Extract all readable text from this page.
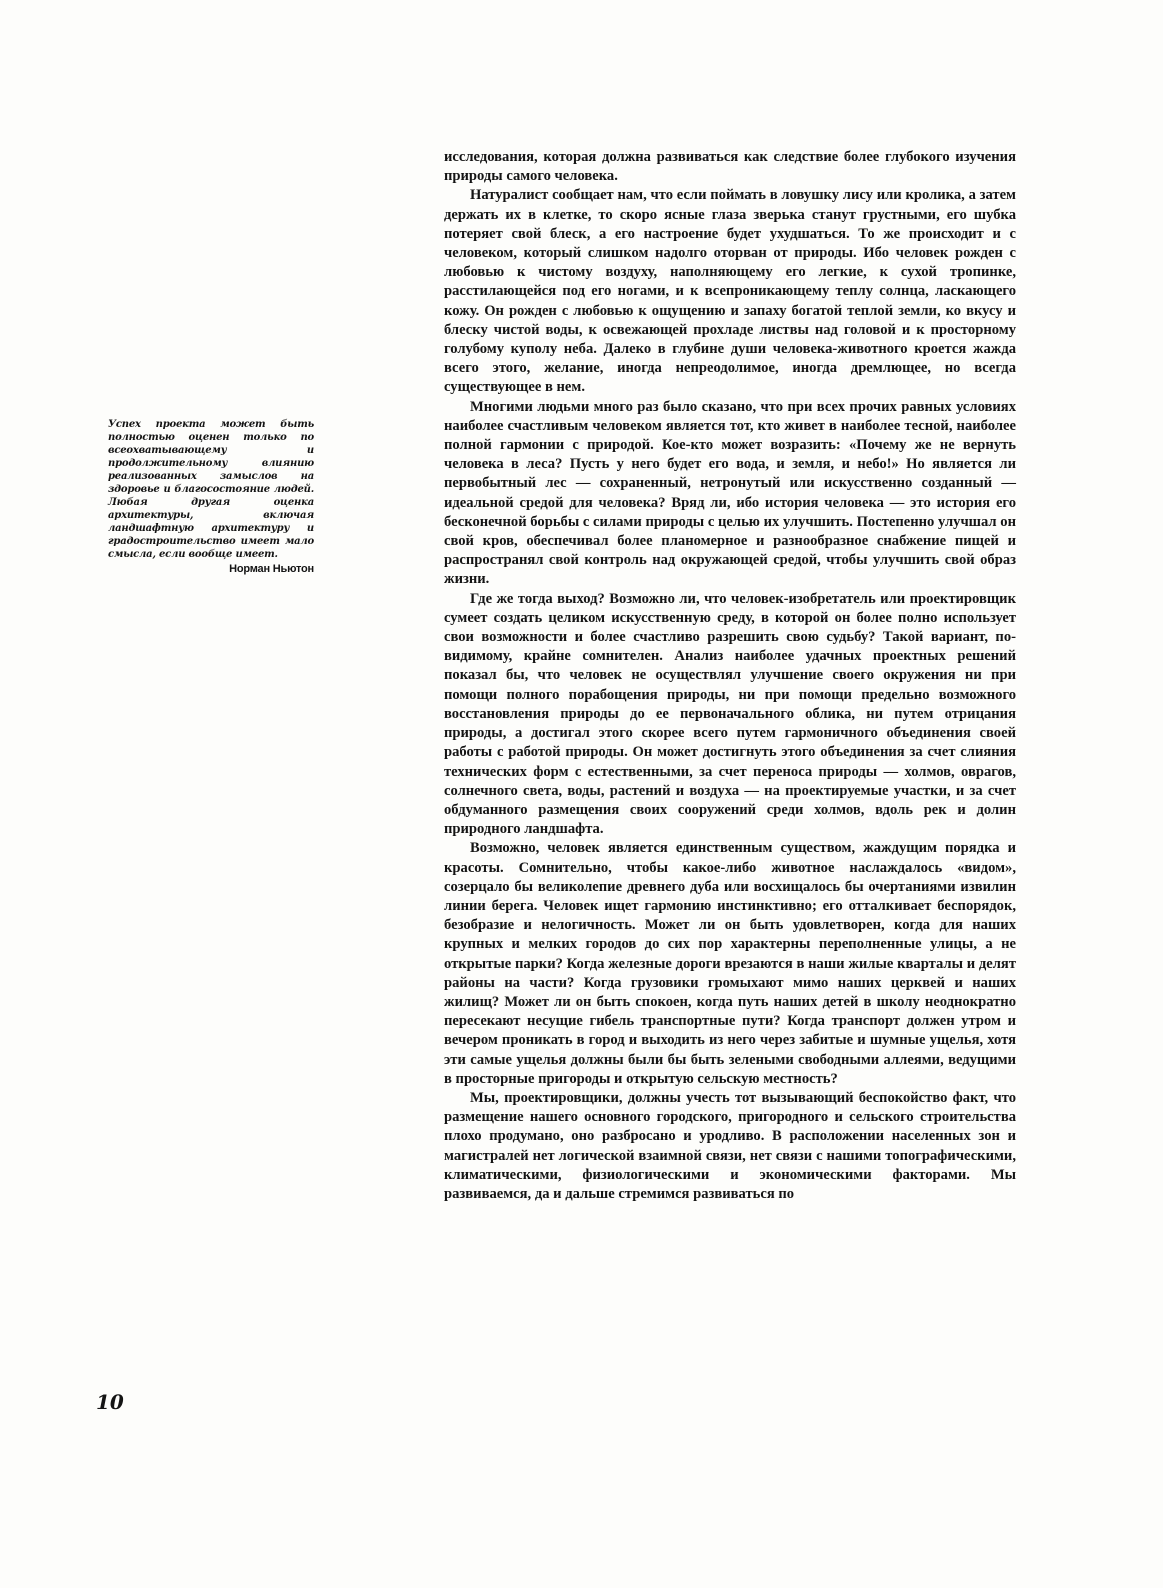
Успех проекта может быть полностью оценен только по всеохватывающему и продолжительному влиянию реализованных замыслов на здоровье и благосостояние людей. Любая другая оценка архитектуры, включая ландшафтную архитектуру и градостроительство имеет мало смысла, если вообще имеет.
Норман Ньютон

исследования, которая должна развиваться как следствие более глубокого изучения природы самого человека.

Натуралист сообщает нам, что если поймать в ловушку лису или кролика, а затем держать их в клетке, то скоро ясные глаза зверька станут грустными, его шубка потеряет свой блеск, а его настроение будет ухудшаться. То же происходит и с человеком, который слишком надолго оторван от природы. Ибо человек рожден с любовью к чистому воздуху, наполняющему его легкие, к сухой тропинке, расстилающейся под его ногами, и к всепроникающему теплу солнца, ласкающего кожу. Он рожден с любовью к ощущению и запаху богатой теплой земли, ко вкусу и блеску чистой воды, к освежающей прохладе листвы над головой и к просторному голубому куполу неба. Далеко в глубине души человека-животного кроется жажда всего этого, желание, иногда непреодолимое, иногда дремлющее, но всегда существующее в нем.

Многими людьми много раз было сказано, что при всех прочих равных условиях наиболее счастливым человеком является тот, кто живет в наиболее тесной, наиболее полной гармонии с природой. Кое-кто может возразить: «Почему же не вернуть человека в леса? Пусть у него будет его вода, и земля, и небо!» Но является ли первобытный лес — сохраненный, нетронутый или искусственно созданный — идеальной средой для человека? Вряд ли, ибо история человека — это история его бесконечной борьбы с силами природы с целью их улучшить. Постепенно улучшал он свой кров, обеспечивал более планомерное и разнообразное снабжение пищей и распространял свой контроль над окружающей средой, чтобы улучшить свой образ жизни.

Где же тогда выход? Возможно ли, что человек-изобретатель или проектировщик сумеет создать целиком искусственную среду, в которой он более полно использует свои возможности и более счастливо разрешить свою судьбу? Такой вариант, по-видимому, крайне сомнителен. Анализ наиболее удачных проектных решений показал бы, что человек не осуществлял улучшение своего окружения ни при помощи полного порабощения природы, ни при помощи предельно возможного восстановления природы до ее первоначального облика, ни путем отрицания природы, а достигал этого скорее всего путем гармоничного объединения своей работы с работой природы. Он может достигнуть этого объединения за счет слияния технических форм с естественными, за счет переноса природы — холмов, оврагов, солнечного света, воды, растений и воздуха — на проектируемые участки, и за счет обдуманного размещения своих сооружений среди холмов, вдоль рек и долин природного ландшафта.

Возможно, человек является единственным существом, жаждущим порядка и красоты. Сомнительно, чтобы какое-либо животное наслаждалось «видом», созерцало бы великолепие древнего дуба или восхищалось бы очертаниями извилин линии берега. Человек ищет гармонию инстинктивно; его отталкивает беспорядок, безобразие и нелогичность. Может ли он быть удовлетворен, когда для наших крупных и мелких городов до сих пор характерны переполненные улицы, а не открытые парки? Когда железные дороги врезаются в наши жилые кварталы и делят районы на части? Когда грузовики громыхают мимо наших церквей и наших жилищ? Может ли он быть спокоен, когда путь наших детей в школу неоднократно пересекают несущие гибель транспортные пути? Когда транспорт должен утром и вечером проникать в город и выходить из него через забитые и шумные ущелья, хотя эти самые ущелья должны были бы быть зелеными свободными аллеями, ведущими в просторные пригороды и открытую сельскую местность?

Мы, проектировщики, должны учесть тот вызывающий беспокойство факт, что размещение нашего основного городского, пригородного и сельского строительства плохо продумано, оно разбросано и уродливо. В расположении населенных зон и магистралей нет логической взаимной связи, нет связи с нашими топографическими, климатическими, физиологическими и экономическими факторами. Мы развиваемся, да и дальше стремимся развиваться по

10
